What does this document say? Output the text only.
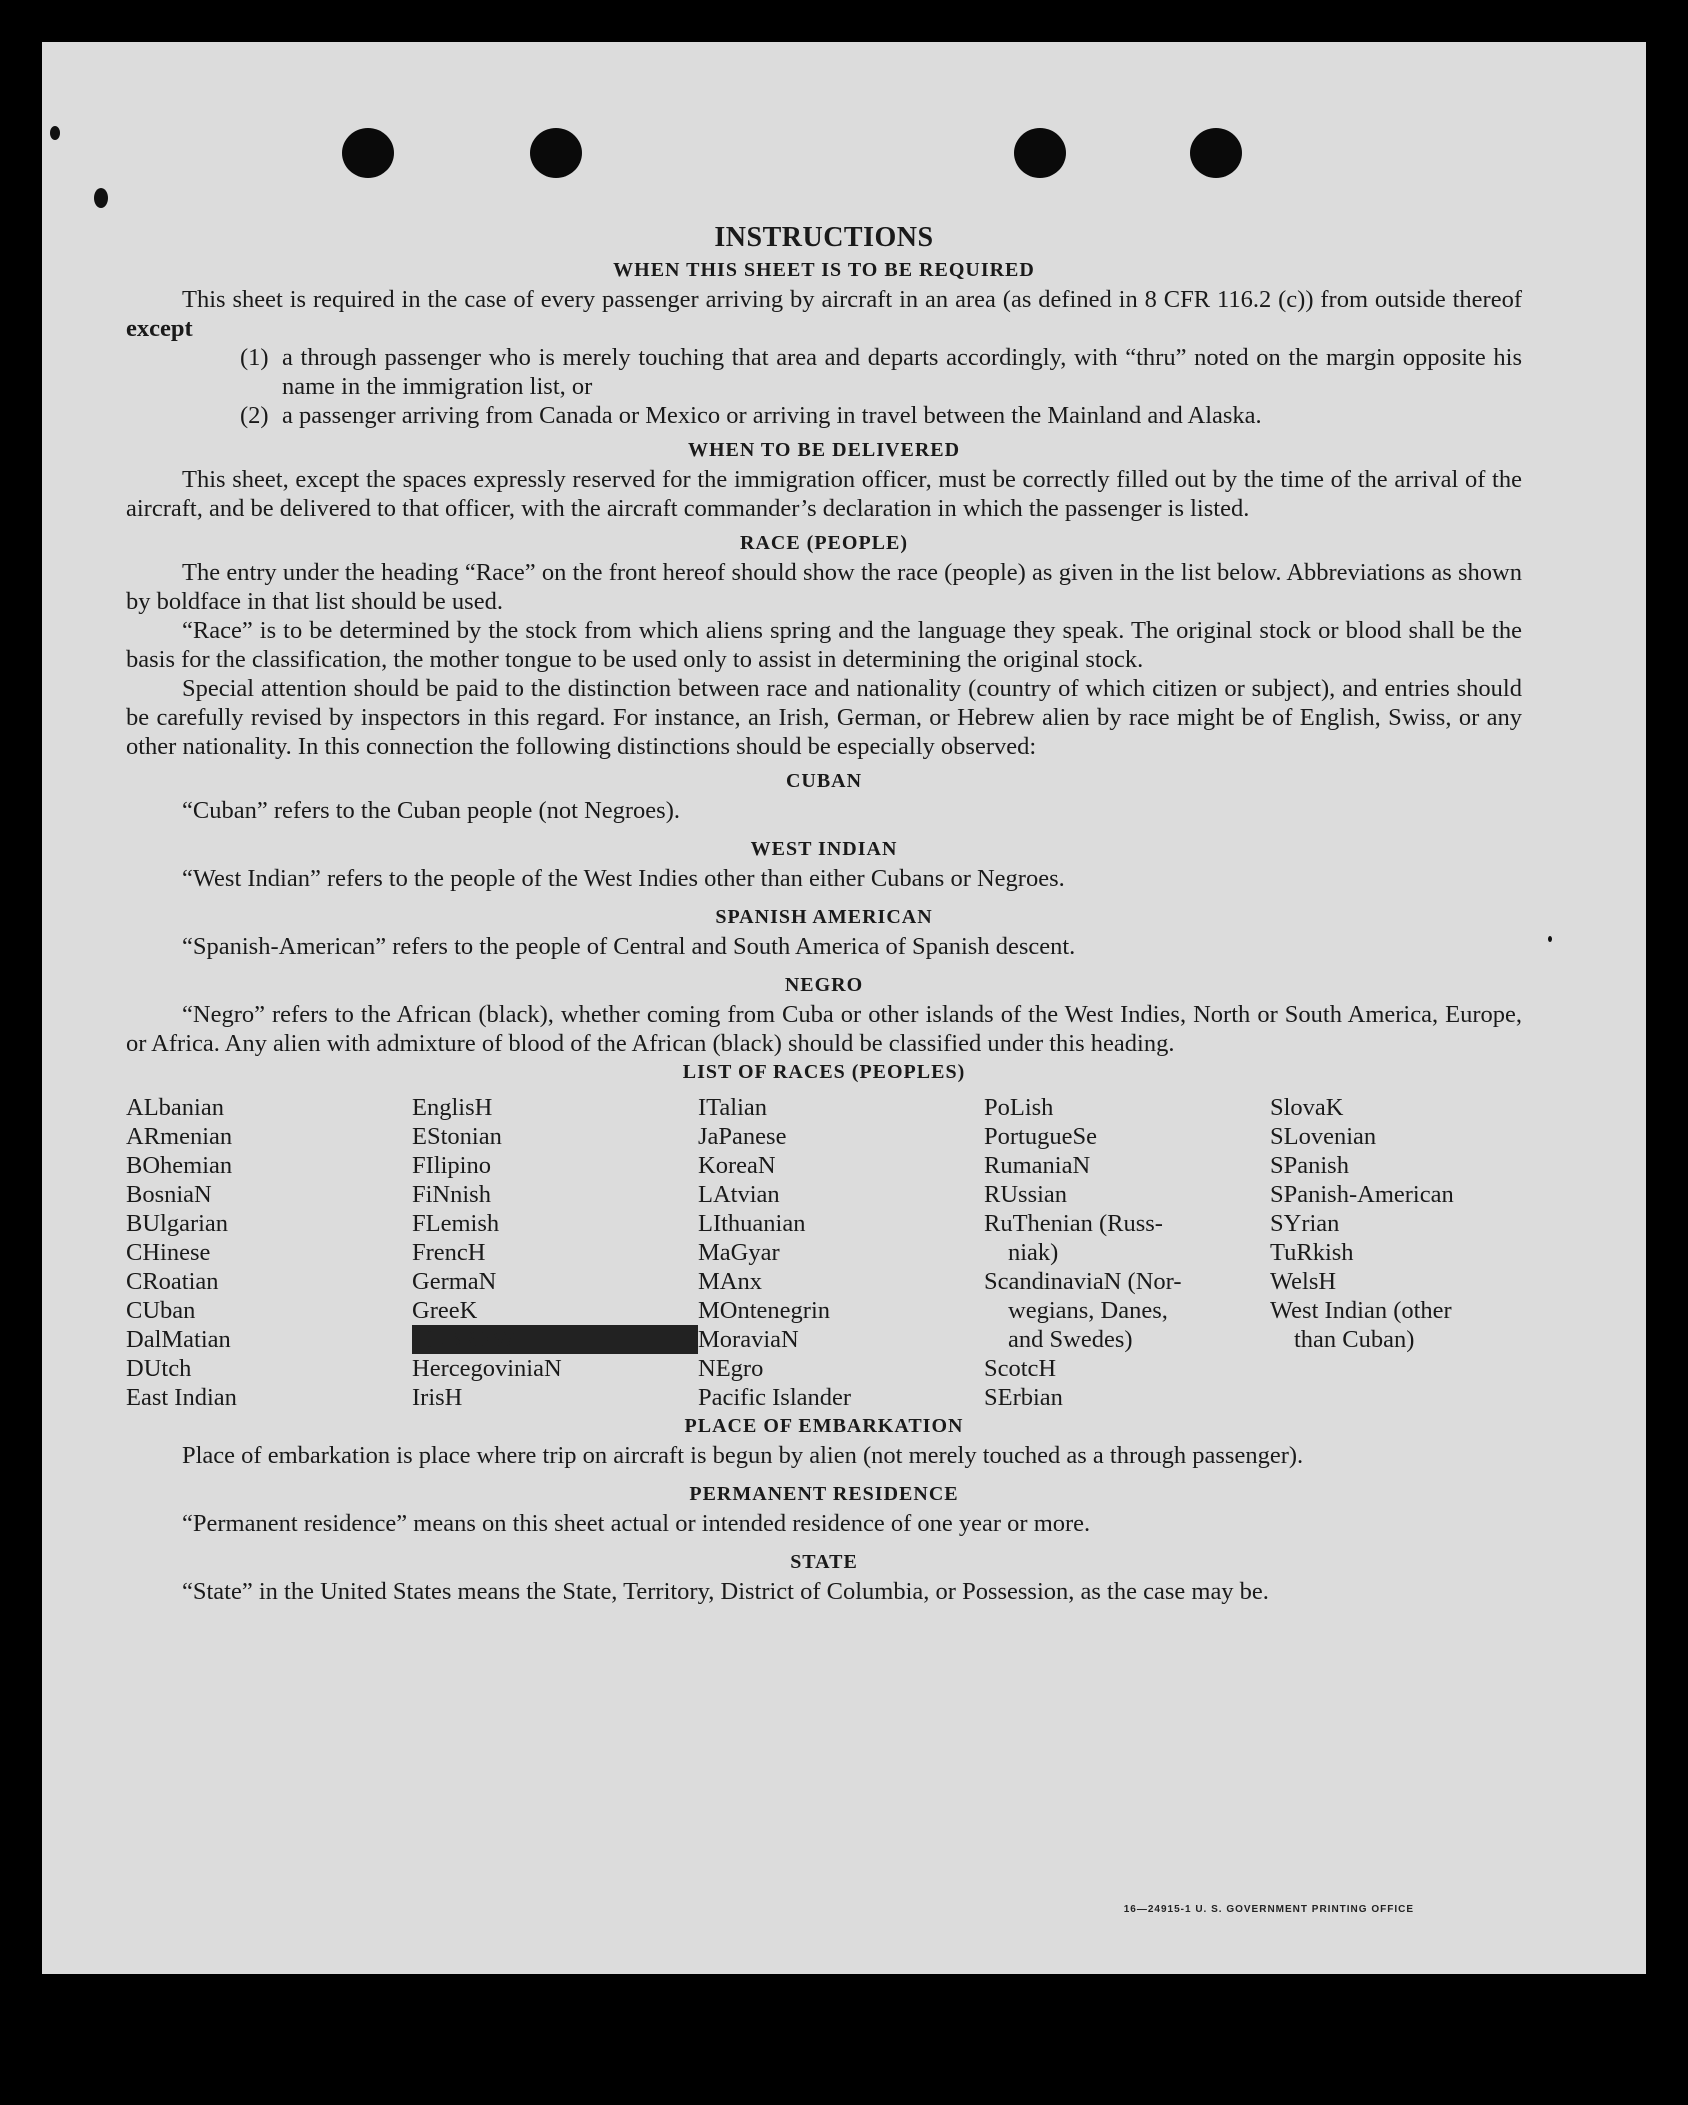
INSTRUCTIONS
WHEN THIS SHEET IS TO BE REQUIRED

This sheet is required in the case of every passenger arriving by aircraft in an area (as defined in 8 CFR 116.2 (c)) from outside thereof except

(1) a through passenger who is merely touching that area and departs accordingly, with “thru” noted on the margin opposite his name in the immigration list, or
(2) a passenger arriving from Canada or Mexico or arriving in travel between the Mainland and Alaska.
WHEN TO BE DELIVERED

This sheet, except the spaces expressly reserved for the immigration officer, must be correctly filled out by the time of the arrival of the aircraft, and be delivered to that officer, with the aircraft commander’s declaration in which the passenger is listed.

RACE (PEOPLE)

The entry under the heading “Race” on the front hereof should show the race (people) as given in the list below. Abbreviations as shown by boldface in that list should be used.

“Race” is to be determined by the stock from which aliens spring and the language they speak. The original stock or blood shall be the basis for the classification, the mother tongue to be used only to assist in determining the original stock.

Special attention should be paid to the distinction between race and nationality (country of which citizen or subject), and entries should be carefully revised by inspectors in this regard. For instance, an Irish, German, or Hebrew alien by race might be of English, Swiss, or any other nationality. In this connection the following distinctions should be especially observed:

CUBAN

“Cuban” refers to the Cuban people (not Negroes).

WEST INDIAN

“West Indian” refers to the people of the West Indies other than either Cubans or Negroes.

SPANISH AMERICAN

“Spanish-American” refers to the people of Central and South America of Spanish descent.

NEGRO

“Negro” refers to the African (black), whether coming from Cuba or other islands of the West Indies, North or South America, Europe, or Africa. Any alien with admixture of blood of the African (black) should be classified under this heading.

LIST OF RACES (PEOPLES)
ALbanian
ARmenian
BOhemian
BosniaN
BUlgarian
CHinese
CRoatian
CUban
DalMatian
DUtch
East Indian
EnglisH
EStonian
FIlipino
FiNnish
FLemish
FrencH
GermaN
GreeK
HEBREW
HercegoviniaN
IrisH
ITalian
JaPanese
KoreaN
LAtvian
LIthuanian
MaGyar
MAnx
MOntenegrin
MoraviaN
NEgro
Pacific Islander
PoLish
PortugueSe
RumaniaN
RUssian
RuThenian (Russ-
niak)
ScandinaviaN (Nor-
wegians, Danes,
and Swedes)
ScotcH
SErbian
SlovaK
SLovenian
SPanish
SPanish-American
SYrian
TuRkish
WelsH
West Indian (other
than Cuban)
PLACE OF EMBARKATION

Place of embarkation is place where trip on aircraft is begun by alien (not merely touched as a through passenger).

PERMANENT RESIDENCE

“Permanent residence” means on this sheet actual or intended residence of one year or more.

STATE

“State” in the United States means the State, Territory, District of Columbia, or Possession, as the case may be.

16—24915-1 U. S. GOVERNMENT PRINTING OFFICE
